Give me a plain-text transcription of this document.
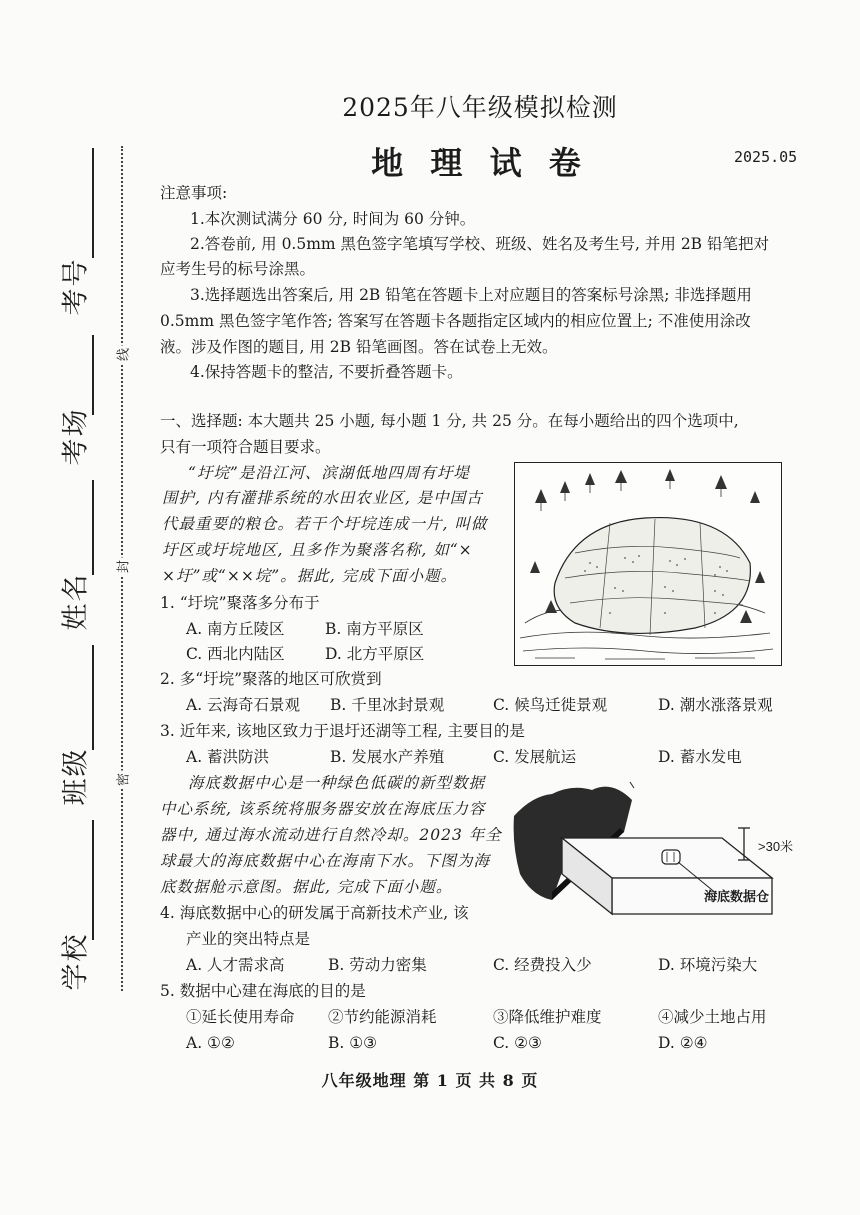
考号
考场
姓名
班级
学校
线
封
密
2025年八年级模拟检测
地 理 试 卷	2025.05
注意事项:
1.本次测试满分 60 分, 时间为 60 分钟。
2.答卷前, 用 0.5mm 黑色签字笔填写学校、班级、姓名及考生号, 并用 2B 铅笔把对
应考生号的标号涂黑。
3.选择题选出答案后, 用 2B 铅笔在答题卡上对应题目的答案标号涂黑; 非选择题用
0.5mm 黑色签字笔作答; 答案写在答题卡各题指定区域内的相应位置上; 不准使用涂改
液。涉及作图的题目, 用 2B 铅笔画图。答在试卷上无效。
4.保持答题卡的整洁, 不要折叠答题卡。
一、选择题: 本大题共 25 小题, 每小题 1 分, 共 25 分。在每小题给出的四个选项中,
只有一项符合题目要求。
“圩垸”是沿江河、滨湖低地四周有圩堤
围护, 内有灌排系统的水田农业区, 是中国古
代最重要的粮仓。若干个圩垸连成一片, 叫做
圩区或圩垸地区, 且多作为聚落名称, 如“×
×圩”或“××垸”。据此, 完成下面小题。
1. “圩垸”聚落多分布于
A. 南方丘陵区	B. 南方平原区
C. 西北内陆区	D. 北方平原区
2. 多“圩垸”聚落的地区可欣赏到
A. 云海奇石景观 B. 千里冰封景观	C. 候鸟迁徙景观	D. 潮水涨落景观
3. 近年来, 该地区致力于退圩还湖等工程, 主要目的是
A. 蓄洪防洪	B. 发展水产养殖	C. 发展航运	D. 蓄水发电
海底数据中心是一种绿色低碳的新型数据
中心系统, 该系统将服务器安放在海底压力容
器中, 通过海水流动进行自然冷却。2023 年全
球最大的海底数据中心在海南下水。下图为海
底数据舱示意图。据此, 完成下面小题。
>30米
海底数据仓
4. 海底数据中心的研发属于高新技术产业, 该
产业的突出特点是
A. 人才需求高	B. 劳动力密集	C. 经费投入少	D. 环境污染大
5. 数据中心建在海底的目的是
①延长使用寿命 ②节约能源消耗	③降低维护难度	④减少土地占用
A. ①②	B. ①③	C. ②③	D. ②④
八年级地理 第 1 页 共 8 页
